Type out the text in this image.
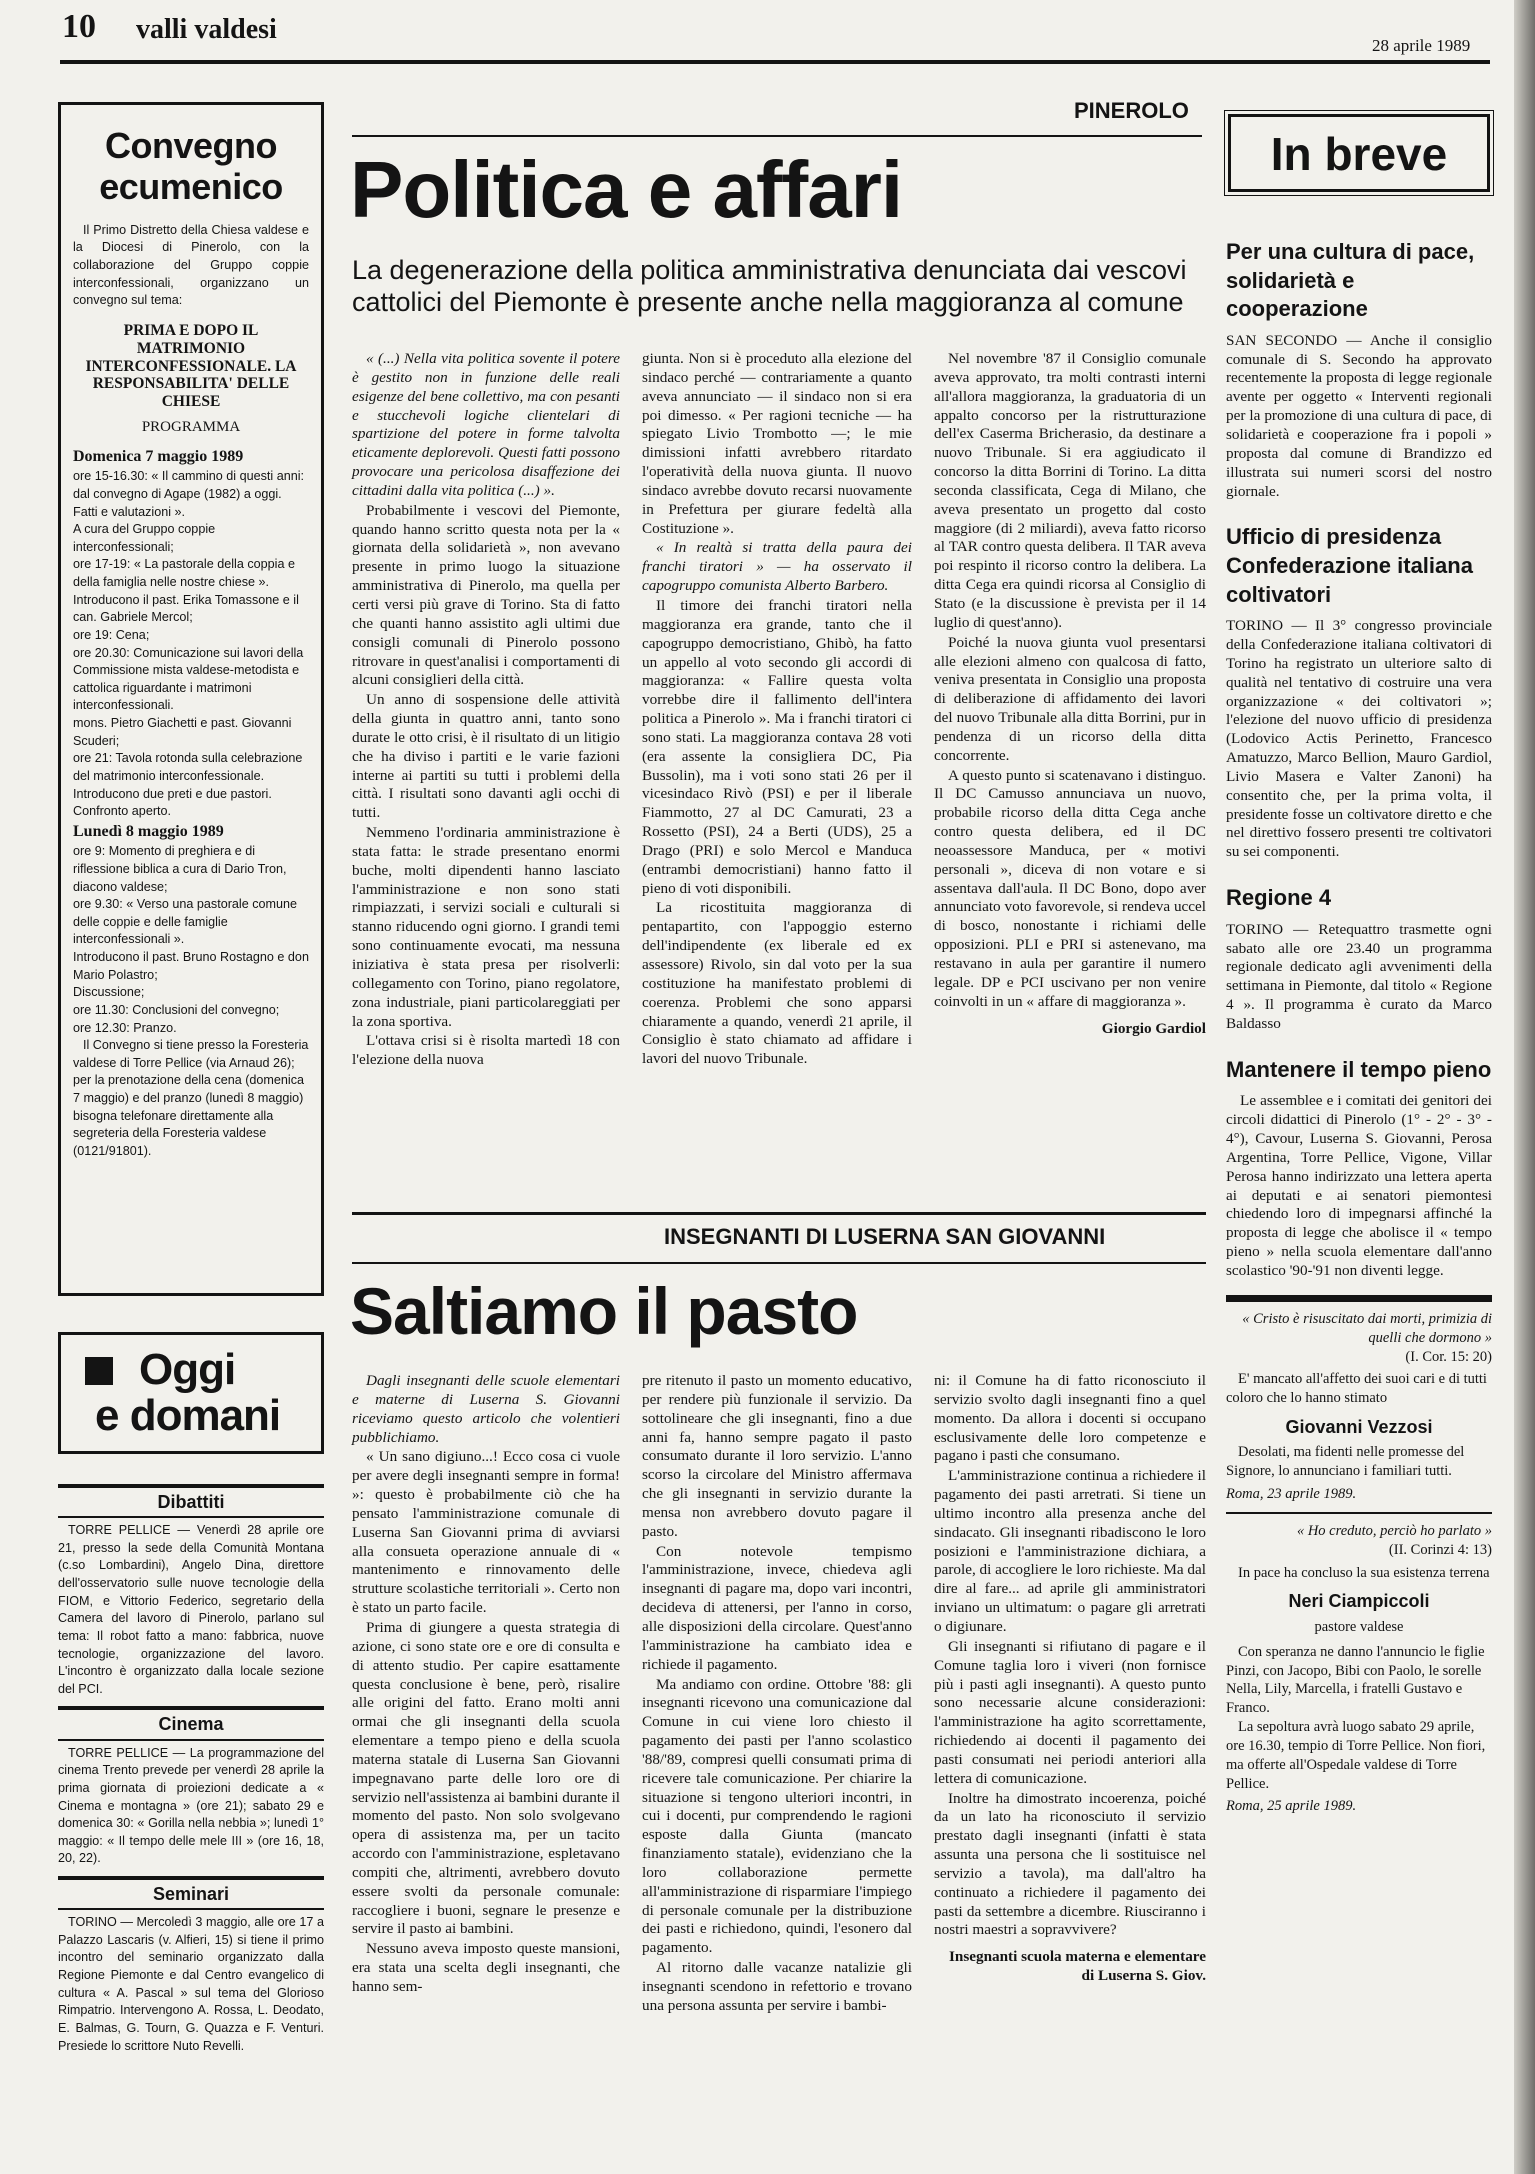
10 valli valdesi
28 aprile 1989
Convegno ecumenico

Il Primo Distretto della Chiesa valdese e la Diocesi di Pinerolo, con la collaborazione del Gruppo coppie interconfessionali, organizzano un convegno sul tema:

PRIMA E DOPO IL MATRIMONIO INTERCONFESSIONALE. LA RESPONSABILITA' DELLE CHIESE
PROGRAMMA

Domenica 7 maggio 1989

ore 15-16.30: « Il cammino di questi anni: dal convegno di Agape (1982) a oggi. Fatti e valutazioni ».

A cura del Gruppo coppie interconfessionali;

ore 17-19: « La pastorale della coppia e della famiglia nelle nostre chiese ».

Introducono il past. Erika Tomassone e il can. Gabriele Mercol;

ore 19: Cena;

ore 20.30: Comunicazione sui lavori della Commissione mista valdese-metodista e cattolica riguardante i matrimoni interconfessionali.

mons. Pietro Giachetti e past. Giovanni Scuderi;

ore 21: Tavola rotonda sulla celebrazione del matrimonio interconfessionale.

Introducono due preti e due pastori. Confronto aperto.

Lunedì 8 maggio 1989

ore 9: Momento di preghiera e di riflessione biblica a cura di Dario Tron, diacono valdese;

ore 9.30: « Verso una pastorale comune delle coppie e delle famiglie interconfessionali ».

Introducono il past. Bruno Rostagno e don Mario Polastro;

Discussione;

ore 11.30: Conclusioni del convegno;

ore 12.30: Pranzo.

Il Convegno si tiene presso la Foresteria valdese di Torre Pellice (via Arnaud 26); per la prenotazione della cena (domenica 7 maggio) e del pranzo (lunedì 8 maggio) bisogna telefonare direttamente alla segreteria della Foresteria valdese (0121/91801).

Oggi
e domani
Dibattiti

TORRE PELLICE — Venerdì 28 aprile ore 21, presso la sede della Comunità Montana (c.so Lombardini), Angelo Dina, direttore dell'osservatorio sulle nuove tecnologie della FIOM, e Vittorio Federico, segretario della Camera del lavoro di Pinerolo, parlano sul tema: Il robot fatto a mano: fabbrica, nuove tecnologie, organizzazione del lavoro. L'incontro è organizzato dalla locale sezione del PCI.

Cinema

TORRE PELLICE — La programmazione del cinema Trento prevede per venerdì 28 aprile la prima giornata di proiezioni dedicate a « Cinema e montagna » (ore 21); sabato 29 e domenica 30: « Gorilla nella nebbia »; lunedì 1° maggio: « Il tempo delle mele III » (ore 16, 18, 20, 22).

Seminari

TORINO — Mercoledì 3 maggio, alle ore 17 a Palazzo Lascaris (v. Alfieri, 15) si tiene il primo incontro del seminario organizzato dalla Regione Piemonte e dal Centro evangelico di cultura « A. Pascal » sul tema del Glorioso Rimpatrio. Intervengono A. Rossa, L. Deodato, E. Balmas, G. Tourn, G. Quazza e F. Venturi. Presiede lo scrittore Nuto Revelli.

PINEROLO
Politica e affari
La degenerazione della politica amministrativa denunciata dai vescovi cattolici del Piemonte è presente anche nella maggioranza al comune

« (...) Nella vita politica sovente il potere è gestito non in funzione delle reali esigenze del bene collettivo, ma con pesanti e stucchevoli logiche clientelari di spartizione del potere in forme talvolta eticamente deplorevoli. Questi fatti possono provocare una pericolosa disaffezione dei cittadini dalla vita politica (...) ».

Probabilmente i vescovi del Piemonte, quando hanno scritto questa nota per la « giornata della solidarietà », non avevano presente in primo luogo la situazione amministrativa di Pinerolo, ma quella per certi versi più grave di Torino. Sta di fatto che quanti hanno assistito agli ultimi due consigli comunali di Pinerolo possono ritrovare in quest'analisi i comportamenti di alcuni consiglieri della città.

Un anno di sospensione delle attività della giunta in quattro anni, tanto sono durate le otto crisi, è il risultato di un litigio che ha diviso i partiti e le varie fazioni interne ai partiti su tutti i problemi della città. I risultati sono davanti agli occhi di tutti.

Nemmeno l'ordinaria amministrazione è stata fatta: le strade presentano enormi buche, molti dipendenti hanno lasciato l'amministrazione e non sono stati rimpiazzati, i servizi sociali e culturali si stanno riducendo ogni giorno. I grandi temi sono continuamente evocati, ma nessuna iniziativa è stata presa per risolverli: collegamento con Torino, piano regolatore, zona industriale, piani particolareggiati per la zona sportiva.

L'ottava crisi si è risolta martedì 18 con l'elezione della nuova

giunta. Non si è proceduto alla elezione del sindaco perché — contrariamente a quanto aveva annunciato — il sindaco non si era poi dimesso. « Per ragioni tecniche — ha spiegato Livio Trombotto —; le mie dimissioni infatti avrebbero ritardato l'operatività della nuova giunta. Il nuovo sindaco avrebbe dovuto recarsi nuovamente in Prefettura per giurare fedeltà alla Costituzione ».

« In realtà si tratta della paura dei franchi tiratori » — ha osservato il capogruppo comunista Alberto Barbero.

Il timore dei franchi tiratori nella maggioranza era grande, tanto che il capogruppo democristiano, Ghibò, ha fatto un appello al voto secondo gli accordi di maggioranza: « Fallire questa volta vorrebbe dire il fallimento dell'intera politica a Pinerolo ». Ma i franchi tiratori ci sono stati. La maggioranza contava 28 voti (era assente la consigliera DC, Pia Bussolin), ma i voti sono stati 26 per il vicesindaco Rivò (PSI) e per il liberale Fiammotto, 27 al DC Camurati, 23 a Rossetto (PSI), 24 a Berti (UDS), 25 a Drago (PRI) e solo Mercol e Manduca (entrambi democristiani) hanno fatto il pieno di voti disponibili.

La ricostituita maggioranza di pentapartito, con l'appoggio esterno dell'indipendente (ex liberale ed ex assessore) Rivolo, sin dal voto per la sua costituzione ha manifestato problemi di coerenza. Problemi che sono apparsi chiaramente a quando, venerdì 21 aprile, il Consiglio è stato chiamato ad affidare i lavori del nuovo Tribunale.

Nel novembre '87 il Consiglio comunale aveva approvato, tra molti contrasti interni all'allora maggioranza, la graduatoria di un appalto concorso per la ristrutturazione dell'ex Caserma Bricherasio, da destinare a nuovo Tribunale. Si era aggiudicato il concorso la ditta Borrini di Torino. La ditta seconda classificata, Cega di Milano, che aveva presentato un progetto dal costo maggiore (di 2 miliardi), aveva fatto ricorso al TAR contro questa delibera. Il TAR aveva poi respinto il ricorso contro la delibera. La ditta Cega era quindi ricorsa al Consiglio di Stato (e la discussione è prevista per il 14 luglio di quest'anno).

Poiché la nuova giunta vuol presentarsi alle elezioni almeno con qualcosa di fatto, veniva presentata in Consiglio una proposta di deliberazione di affidamento dei lavori del nuovo Tribunale alla ditta Borrini, pur in pendenza di un ricorso della ditta concorrente.

A questo punto si scatenavano i distinguo. Il DC Camusso annunciava un nuovo, probabile ricorso della ditta Cega anche contro questa delibera, ed il DC neoassessore Manduca, per « motivi personali », diceva di non votare e si assentava dall'aula. Il DC Bono, dopo aver annunciato voto favorevole, si rendeva uccel di bosco, nonostante i richiami delle opposizioni. PLI e PRI si astenevano, ma restavano in aula per garantire il numero legale. DP e PCI uscivano per non venire coinvolti in un « affare di maggioranza ».

Giorgio Gardiol

INSEGNANTI DI LUSERNA SAN GIOVANNI
Saltiamo il pasto

Dagli insegnanti delle scuole elementari e materne di Luserna S. Giovanni riceviamo questo articolo che volentieri pubblichiamo.

« Un sano digiuno...! Ecco cosa ci vuole per avere degli insegnanti sempre in forma! »: questo è probabilmente ciò che ha pensato l'amministrazione comunale di Luserna San Giovanni prima di avviarsi alla consueta operazione annuale di « mantenimento e rinnovamento delle strutture scolastiche territoriali ». Certo non è stato un parto facile.

Prima di giungere a questa strategia di azione, ci sono state ore e ore di consulta e di attento studio. Per capire esattamente questa conclusione è bene, però, risalire alle origini del fatto. Erano molti anni ormai che gli insegnanti della scuola elementare a tempo pieno e della scuola materna statale di Luserna San Giovanni impegnavano parte delle loro ore di servizio nell'assistenza ai bambini durante il momento del pasto. Non solo svolgevano opera di assistenza ma, per un tacito accordo con l'amministrazione, espletavano compiti che, altrimenti, avrebbero dovuto essere svolti da personale comunale: raccogliere i buoni, segnare le presenze e servire il pasto ai bambini.

Nessuno aveva imposto queste mansioni, era stata una scelta degli insegnanti, che hanno sem-

pre ritenuto il pasto un momento educativo, per rendere più funzionale il servizio. Da sottolineare che gli insegnanti, fino a due anni fa, hanno sempre pagato il pasto consumato durante il loro servizio. L'anno scorso la circolare del Ministro affermava che gli insegnanti in servizio durante la mensa non avrebbero dovuto pagare il pasto.

Con notevole tempismo l'amministrazione, invece, chiedeva agli insegnanti di pagare ma, dopo vari incontri, decideva di attenersi, per l'anno in corso, alle disposizioni della circolare. Quest'anno l'amministrazione ha cambiato idea e richiede il pagamento.

Ma andiamo con ordine. Ottobre '88: gli insegnanti ricevono una comunicazione dal Comune in cui viene loro chiesto il pagamento dei pasti per l'anno scolastico '88/'89, compresi quelli consumati prima di ricevere tale comunicazione. Per chiarire la situazione si tengono ulteriori incontri, in cui i docenti, pur comprendendo le ragioni esposte dalla Giunta (mancato finanziamento statale), evidenziano che la loro collaborazione permette all'amministrazione di risparmiare l'impiego di personale comunale per la distribuzione dei pasti e richiedono, quindi, l'esonero dal pagamento.

Al ritorno dalle vacanze natalizie gli insegnanti scendono in refettorio e trovano una persona assunta per servire i bambi-

ni: il Comune ha di fatto riconosciuto il servizio svolto dagli insegnanti fino a quel momento. Da allora i docenti si occupano esclusivamente delle loro competenze e pagano i pasti che consumano.

L'amministrazione continua a richiedere il pagamento dei pasti arretrati. Si tiene un ultimo incontro alla presenza anche del sindacato. Gli insegnanti ribadiscono le loro posizioni e l'amministrazione dichiara, a parole, di accogliere le loro richieste. Ma dal dire al fare... ad aprile gli amministratori inviano un ultimatum: o pagare gli arretrati o digiunare.

Gli insegnanti si rifiutano di pagare e il Comune taglia loro i viveri (non fornisce più i pasti agli insegnanti). A questo punto sono necessarie alcune considerazioni: l'amministrazione ha agito scorrettamente, richiedendo ai docenti il pagamento dei pasti consumati nei periodi anteriori alla lettera di comunicazione.

Inoltre ha dimostrato incoerenza, poiché da un lato ha riconosciuto il servizio prestato dagli insegnanti (infatti è stata assunta una persona che li sostituisce nel servizio a tavola), ma dall'altro ha continuato a richiedere il pagamento dei pasti da settembre a dicembre. Riusciranno i nostri maestri a sopravvivere?

Insegnanti scuola materna e elementare di Luserna S. Giov.

In breve
Per una cultura di pace, solidarietà e cooperazione

SAN SECONDO — Anche il consiglio comunale di S. Secondo ha approvato recentemente la proposta di legge regionale avente per oggetto « Interventi regionali per la promozione di una cultura di pace, di solidarietà e cooperazione fra i popoli » proposta dal comune di Brandizzo ed illustrata sui numeri scorsi del nostro giornale.

Ufficio di presidenza Confederazione italiana coltivatori

TORINO — Il 3° congresso provinciale della Confederazione italiana coltivatori di Torino ha registrato un ulteriore salto di qualità nel tentativo di costruire una vera organizzazione « dei coltivatori »; l'elezione del nuovo ufficio di presidenza (Lodovico Actis Perinetto, Francesco Amatuzzo, Marco Bellion, Mauro Gardiol, Livio Masera e Valter Zanoni) ha consentito che, per la prima volta, il presidente fosse un coltivatore diretto e che nel direttivo fossero presenti tre coltivatori su sei componenti.

Regione 4

TORINO — Retequattro trasmette ogni sabato alle ore 23.40 un programma regionale dedicato agli avvenimenti della settimana in Piemonte, dal titolo « Regione 4 ». Il programma è curato da Marco Baldasso

Mantenere il tempo pieno

Le assemblee e i comitati dei genitori dei circoli didattici di Pinerolo (1° - 2° - 3° - 4°), Cavour, Luserna S. Giovanni, Perosa Argentina, Torre Pellice, Vigone, Villar Perosa hanno indirizzato una lettera aperta ai deputati e ai senatori piemontesi chiedendo loro di impegnarsi affinché la proposta di legge che abolisce il « tempo pieno » nella scuola elementare dall'anno scolastico '90-'91 non diventi legge.

« Cristo è risuscitato dai morti, primizia di quelli che dormono »

(I. Cor. 15: 20)

E' mancato all'affetto dei suoi cari e di tutti coloro che lo hanno stimato

Giovanni Vezzosi

Desolati, ma fidenti nelle promesse del Signore, lo annunciano i familiari tutti.

Roma, 23 aprile 1989.

« Ho creduto, perciò ho parlato »

(II. Corinzi 4: 13)

In pace ha concluso la sua esistenza terrena

Neri Ciampiccoli

pastore valdese

Con speranza ne danno l'annuncio le figlie Pinzi, con Jacopo, Bibi con Paolo, le sorelle Nella, Lily, Marcella, i fratelli Gustavo e Franco.

La sepoltura avrà luogo sabato 29 aprile, ore 16.30, tempio di Torre Pellice. Non fiori, ma offerte all'Ospedale valdese di Torre Pellice.

Roma, 25 aprile 1989.
